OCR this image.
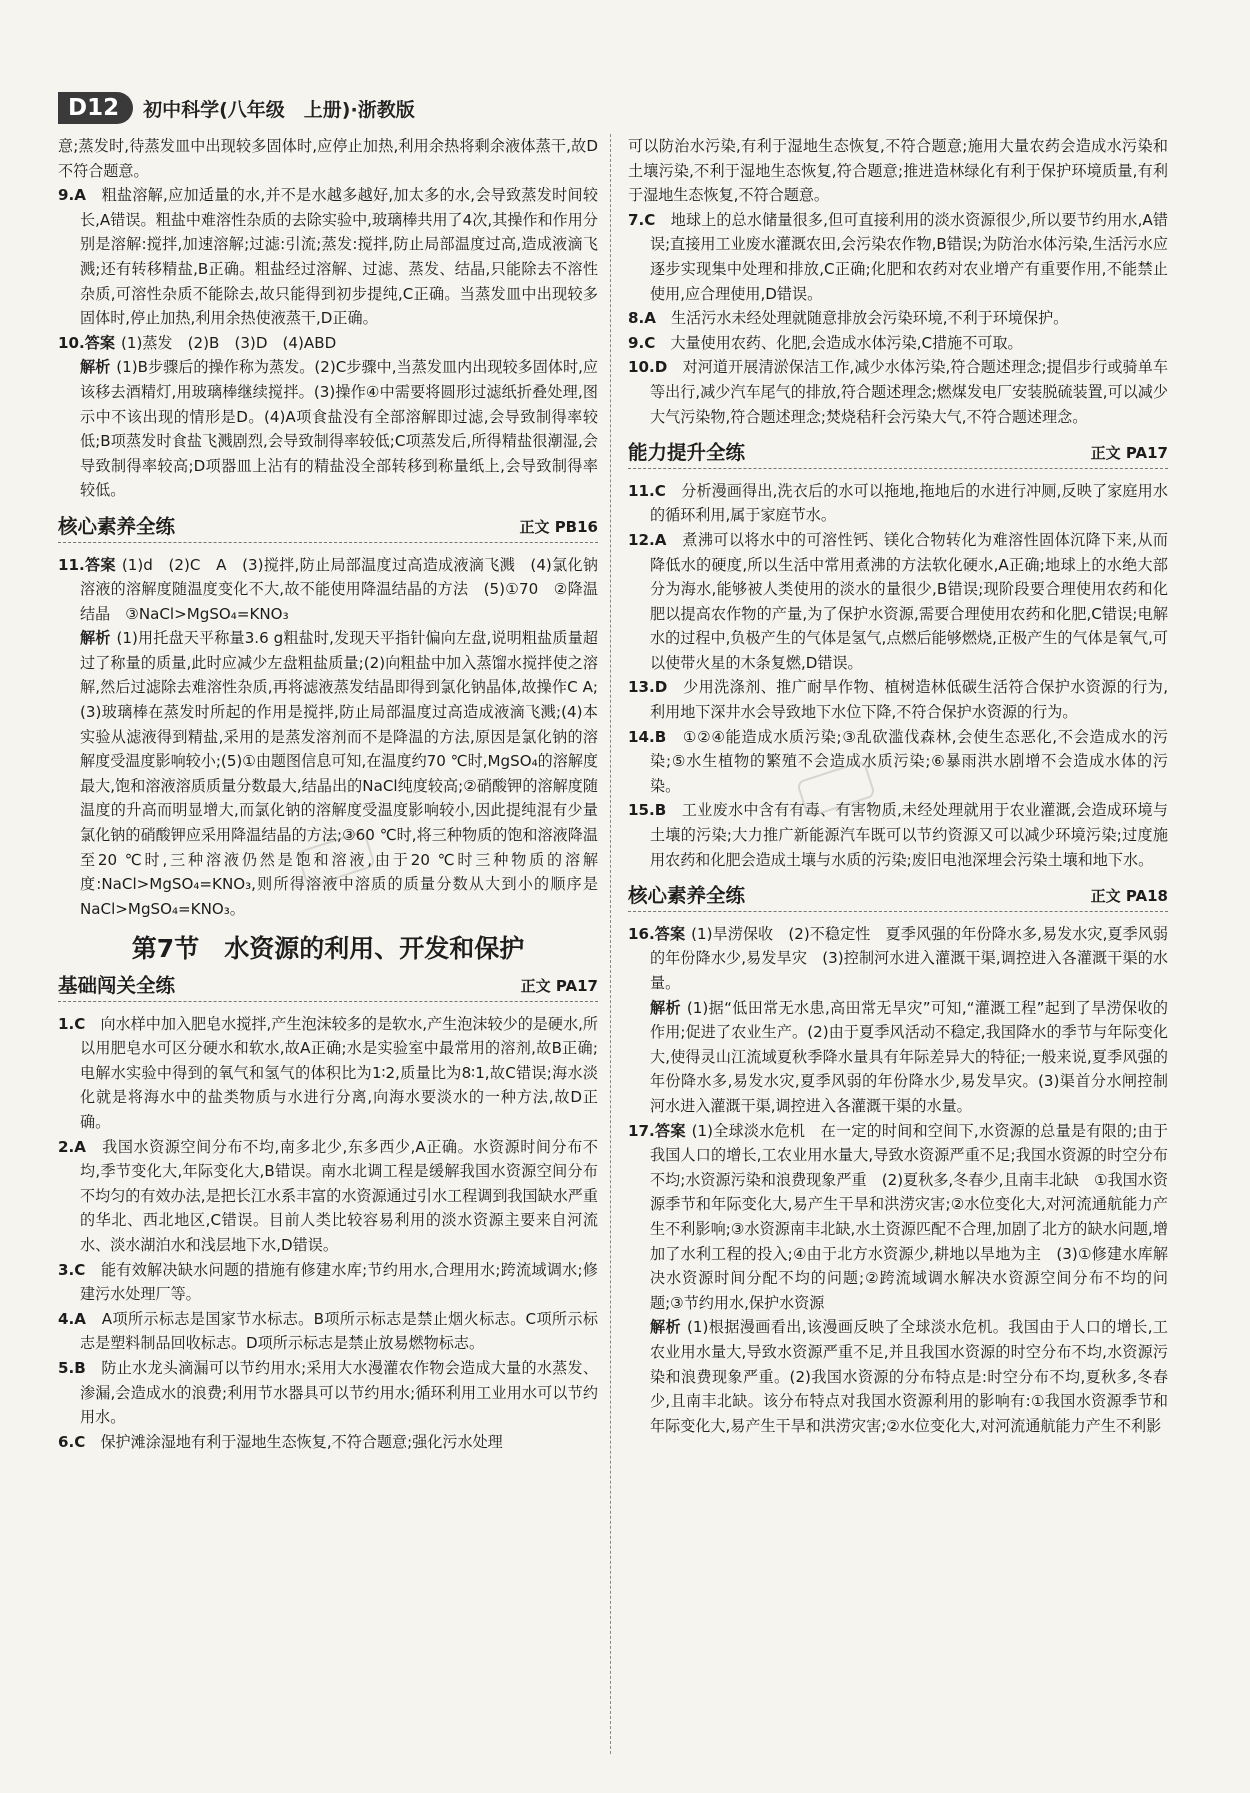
D12	初中科学(八年级　上册)·浙教版

意;蒸发时,待蒸发皿中出现较多固体时,应停止加热,利用余热将剩余液体蒸干,故D不符合题意。

9.A　 粗盐溶解,应加适量的水,并不是水越多越好,加太多的水,会导致蒸发时间较长,A错误。粗盐中难溶性杂质的去除实验中,玻璃棒共用了4次,其操作和作用分别是溶解:搅拌,加速溶解;过滤:引流;蒸发:搅拌,防止局部温度过高,造成液滴飞溅;还有转移精盐,B正确。粗盐经过溶解、过滤、蒸发、结晶,只能除去不溶性杂质,可溶性杂质不能除去,故只能得到初步提纯,C正确。当蒸发皿中出现较多固体时,停止加热,利用余热使液蒸干,D正确。

10.答案 (1)蒸发　(2)B　(3)D　(4)ABD

解析 (1)B步骤后的操作称为蒸发。(2)C步骤中,当蒸发皿内出现较多固体时,应该移去酒精灯,用玻璃棒继续搅拌。(3)操作④中需要将圆形过滤纸折叠处理,图示中不该出现的情形是D。(4)A项食盐没有全部溶解即过滤,会导致制得率较低;B项蒸发时食盐飞溅剧烈,会导致制得率较低;C项蒸发后,所得精盐很潮湿,会导致制得率较高;D项器皿上沾有的精盐没全部转移到称量纸上,会导致制得率较低。

核心素养全练	正文 PB16

11.答案 (1)d　(2)C　A　(3)搅拌,防止局部温度过高造成液滴飞溅　(4)氯化钠溶液的溶解度随温度变化不大,故不能使用降温结晶的方法　(5)①70　②降温结晶　③NaCl>MgSO₄=KNO₃

解析 (1)用托盘天平称量3.6 g粗盐时,发现天平指针偏向左盘,说明粗盐质量超过了称量的质量,此时应减少左盘粗盐质量;(2)向粗盐中加入蒸馏水搅拌使之溶解,然后过滤除去难溶性杂质,再将滤液蒸发结晶即得到氯化钠晶体,故操作C A;(3)玻璃棒在蒸发时所起的作用是搅拌,防止局部温度过高造成液滴飞溅;(4)本实验从滤液得到精盐,采用的是蒸发溶剂而不是降温的方法,原因是氯化钠的溶解度受温度影响较小;(5)①由题图信息可知,在温度约70 ℃时,MgSO₄的溶解度最大,饱和溶液溶质质量分数最大,结晶出的NaCl纯度较高;②硝酸钾的溶解度随温度的升高而明显增大,而氯化钠的溶解度受温度影响较小,因此提纯混有少量氯化钠的硝酸钾应采用降温结晶的方法;③60 ℃时,将三种物质的饱和溶液降温至20 ℃时,三种溶液仍然是饱和溶液,由于20 ℃时三种物质的溶解度:NaCl>MgSO₄=KNO₃,则所得溶液中溶质的质量分数从大到小的顺序是NaCl>MgSO₄=KNO₃。

第7节　水资源的利用、开发和保护
基础闯关全练	正文 PA17

1.C　 向水样中加入肥皂水搅拌,产生泡沫较多的是软水,产生泡沫较少的是硬水,所以用肥皂水可区分硬水和软水,故A正确;水是实验室中最常用的溶剂,故B正确;电解水实验中得到的氧气和氢气的体积比为1∶2,质量比为8∶1,故C错误;海水淡化就是将海水中的盐类物质与水进行分离,向海水要淡水的一种方法,故D正确。

2.A　 我国水资源空间分布不均,南多北少,东多西少,A正确。水资源时间分布不均,季节变化大,年际变化大,B错误。南水北调工程是缓解我国水资源空间分布不均匀的有效办法,是把长江水系丰富的水资源通过引水工程调到我国缺水严重的华北、西北地区,C错误。目前人类比较容易利用的淡水资源主要来自河流水、淡水湖泊水和浅层地下水,D错误。

3.C　 能有效解决缺水问题的措施有修建水库;节约用水,合理用水;跨流域调水;修建污水处理厂等。

4.A　 A项所示标志是国家节水标志。B项所示标志是禁止烟火标志。C项所示标志是塑料制品回收标志。D项所示标志是禁止放易燃物标志。

5.B　 防止水龙头滴漏可以节约用水;采用大水漫灌农作物会造成大量的水蒸发、渗漏,会造成水的浪费;利用节水器具可以节约用水;循环利用工业用水可以节约用水。

6.C　 保护滩涂湿地有利于湿地生态恢复,不符合题意;强化污水处理

可以防治水污染,有利于湿地生态恢复,不符合题意;施用大量农药会造成水污染和土壤污染,不利于湿地生态恢复,符合题意;推进造林绿化有利于保护环境质量,有利于湿地生态恢复,不符合题意。

7.C　 地球上的总水储量很多,但可直接利用的淡水资源很少,所以要节约用水,A错误;直接用工业废水灌溉农田,会污染农作物,B错误;为防治水体污染,生活污水应逐步实现集中处理和排放,C正确;化肥和农药对农业增产有重要作用,不能禁止使用,应合理使用,D错误。

8.A　 生活污水未经处理就随意排放会污染环境,不利于环境保护。

9.C　 大量使用农药、化肥,会造成水体污染,C措施不可取。

10.D　 对河道开展清淤保洁工作,减少水体污染,符合题述理念;提倡步行或骑单车等出行,减少汽车尾气的排放,符合题述理念;燃煤发电厂安装脱硫装置,可以减少大气污染物,符合题述理念;焚烧秸秆会污染大气,不符合题述理念。

能力提升全练	正文 PA17

11.C　 分析漫画得出,洗衣后的水可以拖地,拖地后的水进行冲厕,反映了家庭用水的循环利用,属于家庭节水。

12.A　 煮沸可以将水中的可溶性钙、镁化合物转化为难溶性固体沉降下来,从而降低水的硬度,所以生活中常用煮沸的方法软化硬水,A正确;地球上的水绝大部分为海水,能够被人类使用的淡水的量很少,B错误;现阶段要合理使用农药和化肥以提高农作物的产量,为了保护水资源,需要合理使用农药和化肥,C错误;电解水的过程中,负极产生的气体是氢气,点燃后能够燃烧,正极产生的气体是氧气,可以使带火星的木条复燃,D错误。

13.D　 少用洗涤剂、推广耐旱作物、植树造林低碳生活符合保护水资源的行为,利用地下深井水会导致地下水位下降,不符合保护水资源的行为。

14.B　 ①②④能造成水质污染;③乱砍滥伐森林,会使生态恶化,不会造成水的污染;⑤水生植物的繁殖不会造成水质污染;⑥暴雨洪水剧增不会造成水体的污染。

15.B　 工业废水中含有有毒、有害物质,未经处理就用于农业灌溉,会造成环境与土壤的污染;大力推广新能源汽车既可以节约资源又可以减少环境污染;过度施用农药和化肥会造成土壤与水质的污染;废旧电池深埋会污染土壤和地下水。

核心素养全练	正文 PA18

16.答案 (1)旱涝保收　(2)不稳定性　夏季风强的年份降水多,易发水灾,夏季风弱的年份降水少,易发旱灾　(3)控制河水进入灌溉干渠,调控进入各灌溉干渠的水量。

解析 (1)据“低田常无水患,高田常无旱灾”可知,“灌溉工程”起到了旱涝保收的作用;促进了农业生产。(2)由于夏季风活动不稳定,我国降水的季节与年际变化大,使得灵山江流域夏秋季降水量具有年际差异大的特征;一般来说,夏季风强的年份降水多,易发水灾,夏季风弱的年份降水少,易发旱灾。(3)渠首分水闸控制河水进入灌溉干渠,调控进入各灌溉干渠的水量。

17.答案 (1)全球淡水危机　在一定的时间和空间下,水资源的总量是有限的;由于我国人口的增长,工农业用水量大,导致水资源严重不足;我国水资源的时空分布不均;水资源污染和浪费现象严重　(2)夏秋多,冬春少,且南丰北缺　①我国水资源季节和年际变化大,易产生干旱和洪涝灾害;②水位变化大,对河流通航能力产生不利影响;③水资源南丰北缺,水土资源匹配不合理,加剧了北方的缺水问题,增加了水利工程的投入;④由于北方水资源少,耕地以旱地为主　(3)①修建水库解决水资源时间分配不均的问题;②跨流域调水解决水资源空间分布不均的问题;③节约用水,保护水资源

解析 (1)根据漫画看出,该漫画反映了全球淡水危机。我国由于人口的增长,工农业用水量大,导致水资源严重不足,并且我国水资源的时空分布不均,水资源污染和浪费现象严重。(2)我国水资源的分布特点是:时空分布不均,夏秋多,冬春少,且南丰北缺。该分布特点对我国水资源利用的影响有:①我国水资源季节和年际变化大,易产生干旱和洪涝灾害;②水位变化大,对河流通航能力产生不利影
